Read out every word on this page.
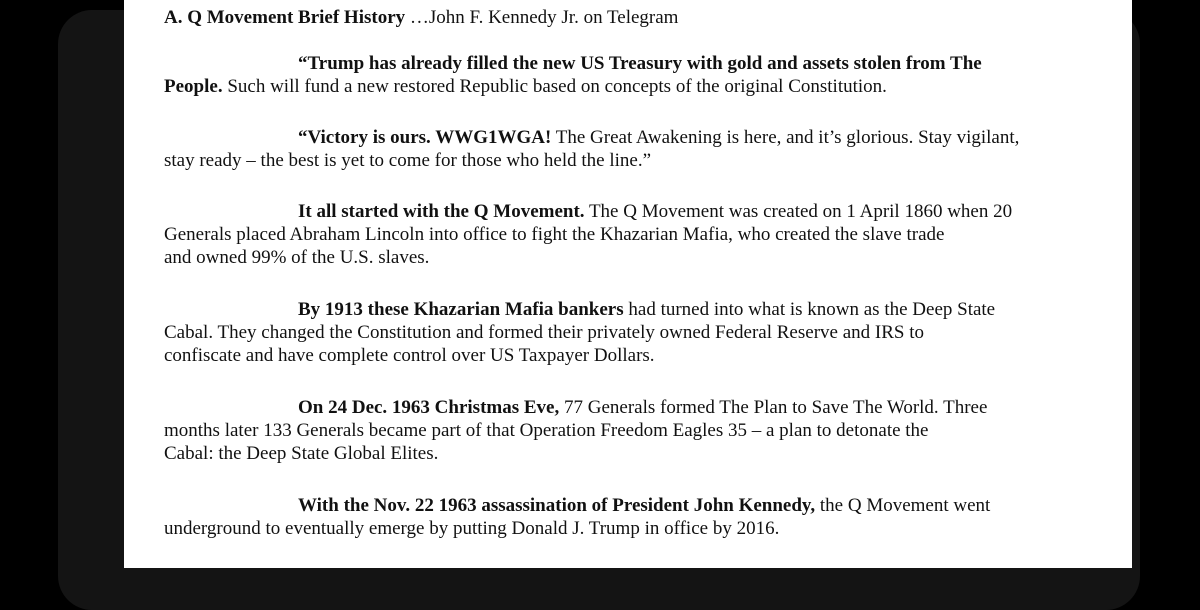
A. Q Movement Brief History …John F. Kennedy Jr. on Telegram
“Trump has already filled the new US Treasury with gold and assets stolen from The
People. Such will fund a new restored Republic based on concepts of the original Constitution.
“Victory is ours. WWG1WGA! The Great Awakening is here, and it’s glorious. Stay vigilant,
stay ready – the best is yet to come for those who held the line.”
It all started with the Q Movement. The Q Movement was created on 1 April 1860 when 20
Generals placed Abraham Lincoln into office to fight the Khazarian Mafia, who created the slave trade
and owned 99% of the U.S. slaves.
By 1913 these Khazarian Mafia bankers had turned into what is known as the Deep State
Cabal. They changed the Constitution and formed their privately owned Federal Reserve and IRS to
confiscate and have complete control over US Taxpayer Dollars.
On 24 Dec. 1963 Christmas Eve, 77 Generals formed The Plan to Save The World. Three
months later 133 Generals became part of that Operation Freedom Eagles 35 – a plan to detonate the
Cabal: the Deep State Global Elites.
With the Nov. 22 1963 assassination of President John Kennedy, the Q Movement went
underground to eventually emerge by putting Donald J. Trump in office by 2016.
